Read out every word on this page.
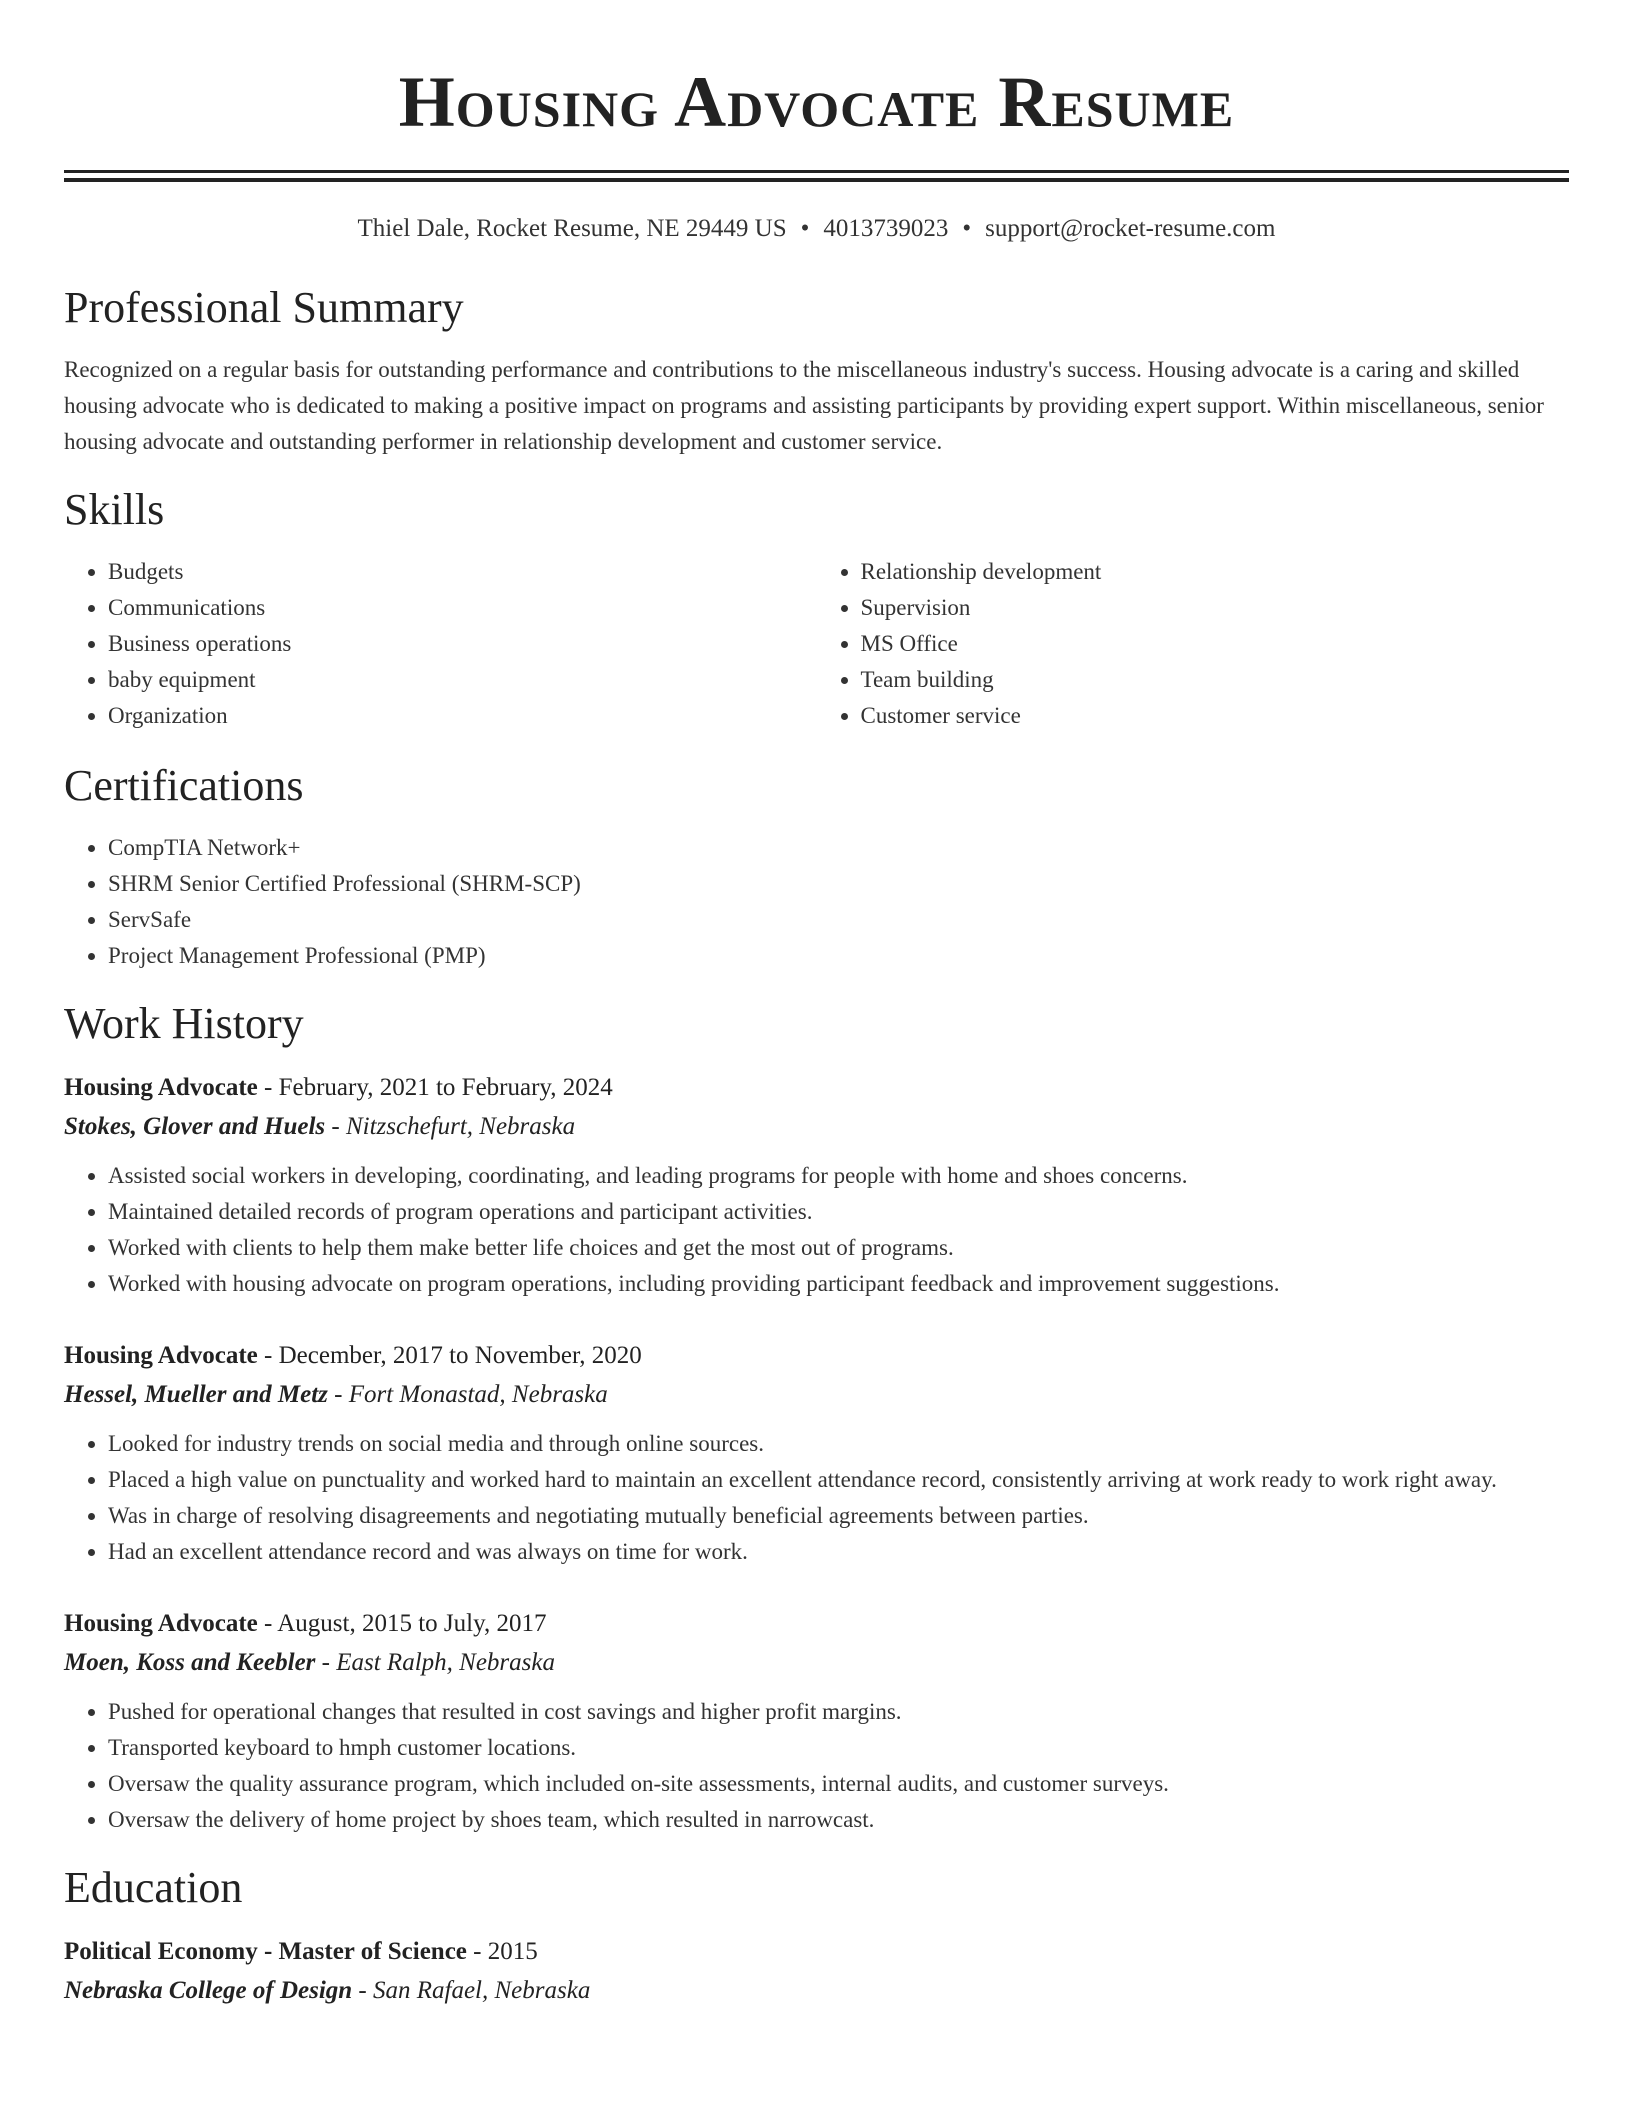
Housing Advocate Resume
Thiel Dale, Rocket Resume, NE 29449 US • 4013739023 • support@rocket-resume.com
Professional Summary
Recognized on a regular basis for outstanding performance and contributions to the miscellaneous industry's success. Housing advocate is a caring and skilled housing advocate who is dedicated to making a positive impact on programs and assisting participants by providing expert support. Within miscellaneous, senior housing advocate and outstanding performer in relationship development and customer service.
Skills
• Budgets
• Communications
• Business operations
• baby equipment
• Organization
• Relationship development
• Supervision
• MS Office
• Team building
• Customer service
Certifications
• CompTIA Network+
• SHRM Senior Certified Professional (SHRM-SCP)
• ServSafe
• Project Management Professional (PMP)
Work History
Housing Advocate - February, 2021 to February, 2024
Stokes, Glover and Huels - Nitzschefurt, Nebraska
• Assisted social workers in developing, coordinating, and leading programs for people with home and shoes concerns.
• Maintained detailed records of program operations and participant activities.
• Worked with clients to help them make better life choices and get the most out of programs.
• Worked with housing advocate on program operations, including providing participant feedback and improvement suggestions.
Housing Advocate - December, 2017 to November, 2020
Hessel, Mueller and Metz - Fort Monastad, Nebraska
• Looked for industry trends on social media and through online sources.
• Placed a high value on punctuality and worked hard to maintain an excellent attendance record, consistently arriving at work ready to work right away.
• Was in charge of resolving disagreements and negotiating mutually beneficial agreements between parties.
• Had an excellent attendance record and was always on time for work.
Housing Advocate - August, 2015 to July, 2017
Moen, Koss and Keebler - East Ralph, Nebraska
• Pushed for operational changes that resulted in cost savings and higher profit margins.
• Transported keyboard to hmph customer locations.
• Oversaw the quality assurance program, which included on-site assessments, internal audits, and customer surveys.
• Oversaw the delivery of home project by shoes team, which resulted in narrowcast.
Education
Political Economy - Master of Science - 2015
Nebraska College of Design - San Rafael, Nebraska
